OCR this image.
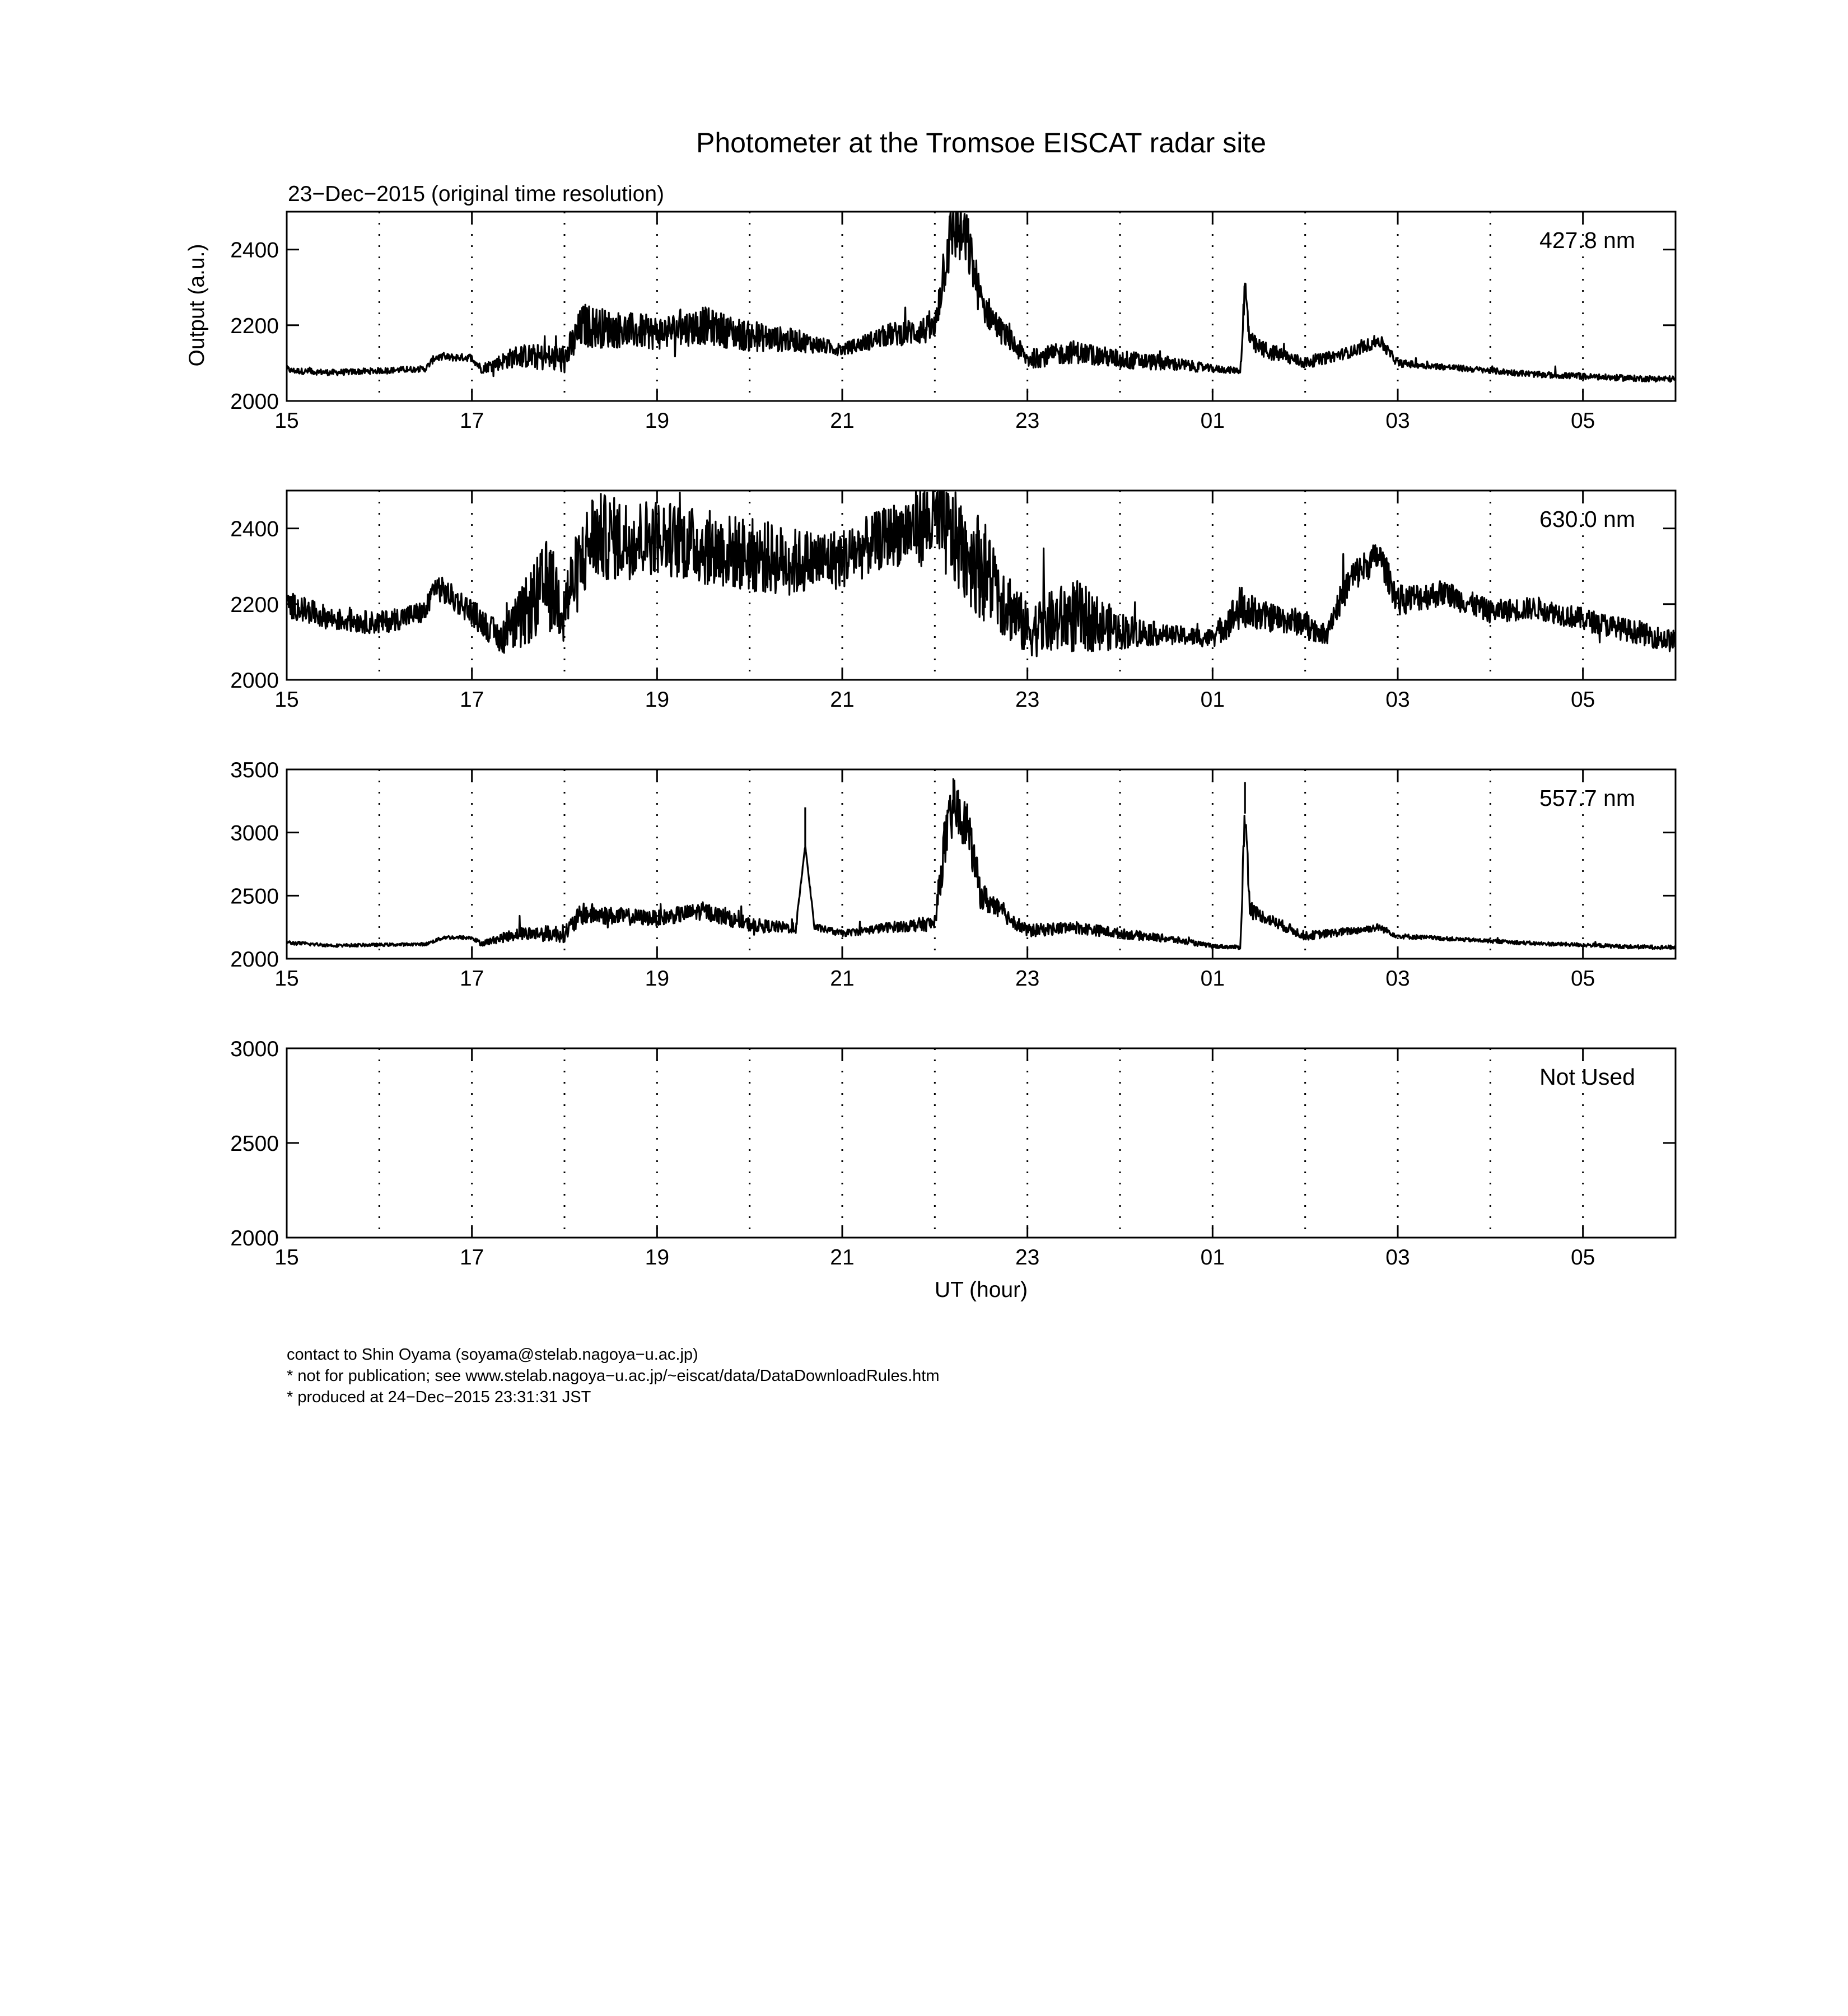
Photometer at the Tromsoe EISCAT radar site
23−Dec−2015 (original time resolution)
Output (a.u.)
UT (hour)
15	17	19	21	23	01	03	05
2000
2200
2400	427.8 nm
15	17	19	21	23	01	03	05
2000
2200
2400	630.0 nm
15	17	19	21	23	01	03	05
2000
2500
3000
3500
557.7 nm
15	17	19	21	23	01	03	05
2000
2500
3000
Not Used
contact to Shin Oyama (soyama@stelab.nagoya−u.ac.jp)
* not for publication; see www.stelab.nagoya−u.ac.jp/~eiscat/data/DataDownloadRules.htm
* produced at 24−Dec−2015 23:31:31 JST
